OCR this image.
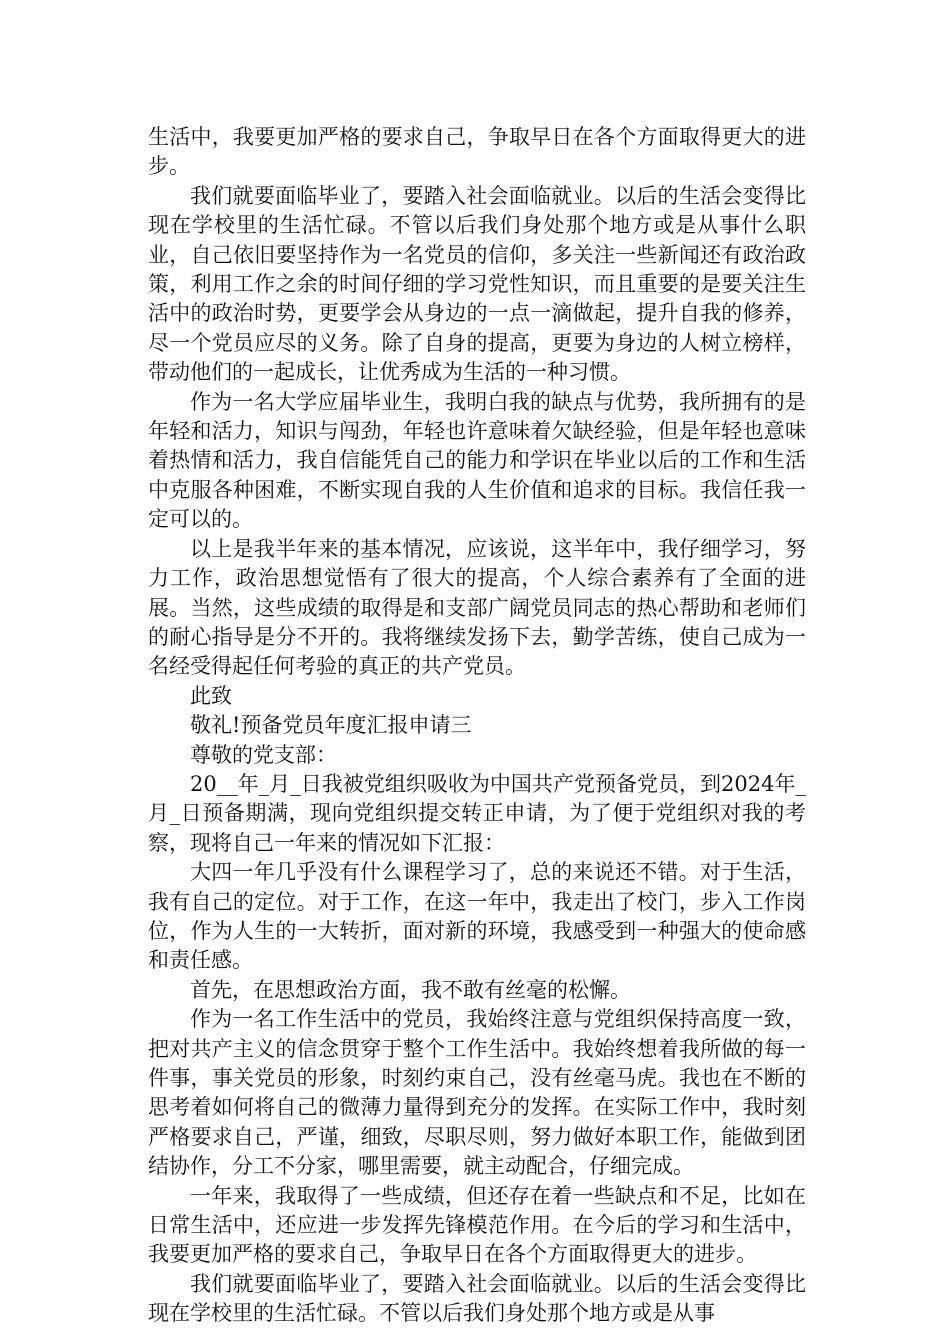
生活中，我要更加严格的要求自己，争取早日在各个方面取得更大的进步。

我们就要面临毕业了，要踏入社会面临就业。以后的生活会变得比现在学校里的生活忙碌。不管以后我们身处那个地方或是从事什么职业，自己依旧要坚持作为一名党员的信仰，多关注一些新闻还有政治政策，利用工作之余的时间仔细的学习党性知识，而且重要的是要关注生活中的政治时势，更要学会从身边的一点一滴做起，提升自我的修养，尽一个党员应尽的义务。除了自身的提高，更要为身边的人树立榜样，带动他们的一起成长，让优秀成为生活的一种习惯。

作为一名大学应届毕业生，我明白我的缺点与优势，我所拥有的是年轻和活力，知识与闯劲，年轻也许意味着欠缺经验，但是年轻也意味着热情和活力，我自信能凭自己的能力和学识在毕业以后的工作和生活中克服各种困难，不断实现自我的人生价值和追求的目标。我信任我一定可以的。

以上是我半年来的基本情况，应该说，这半年中，我仔细学习，努力工作，政治思想觉悟有了很大的提高，个人综合素养有了全面的进展。当然，这些成绩的取得是和支部广阔党员同志的热心帮助和老师们的耐心指导是分不开的。我将继续发扬下去，勤学苦练，使自己成为一名经受得起任何考验的真正的共产党员。

此致

敬礼!预备党员年度汇报申请三

尊敬的党支部：

20__年_月_日我被党组织吸收为中国共产党预备党员，到2024年_月_日预备期满，现向党组织提交转正申请，为了便于党组织对我的考察，现将自己一年来的情况如下汇报：

大四一年几乎没有什么课程学习了，总的来说还不错。对于生活，我有自己的定位。对于工作，在这一年中，我走出了校门，步入工作岗位，作为人生的一大转折，面对新的环境，我感受到一种强大的使命感和责任感。

首先，在思想政治方面，我不敢有丝毫的松懈。

作为一名工作生活中的党员，我始终注意与党组织保持高度一致，把对共产主义的信念贯穿于整个工作生活中。我始终想着我所做的每一件事，事关党员的形象，时刻约束自己，没有丝毫马虎。我也在不断的思考着如何将自己的微薄力量得到充分的发挥。在实际工作中，我时刻严格要求自己，严谨，细致，尽职尽则，努力做好本职工作，能做到团结协作，分工不分家，哪里需要，就主动配合，仔细完成。

一年来，我取得了一些成绩，但还存在着一些缺点和不足，比如在日常生活中，还应进一步发挥先锋模范作用。在今后的学习和生活中，我要更加严格的要求自己，争取早日在各个方面取得更大的进步。

我们就要面临毕业了，要踏入社会面临就业。以后的生活会变得比现在学校里的生活忙碌。不管以后我们身处那个地方或是从事
